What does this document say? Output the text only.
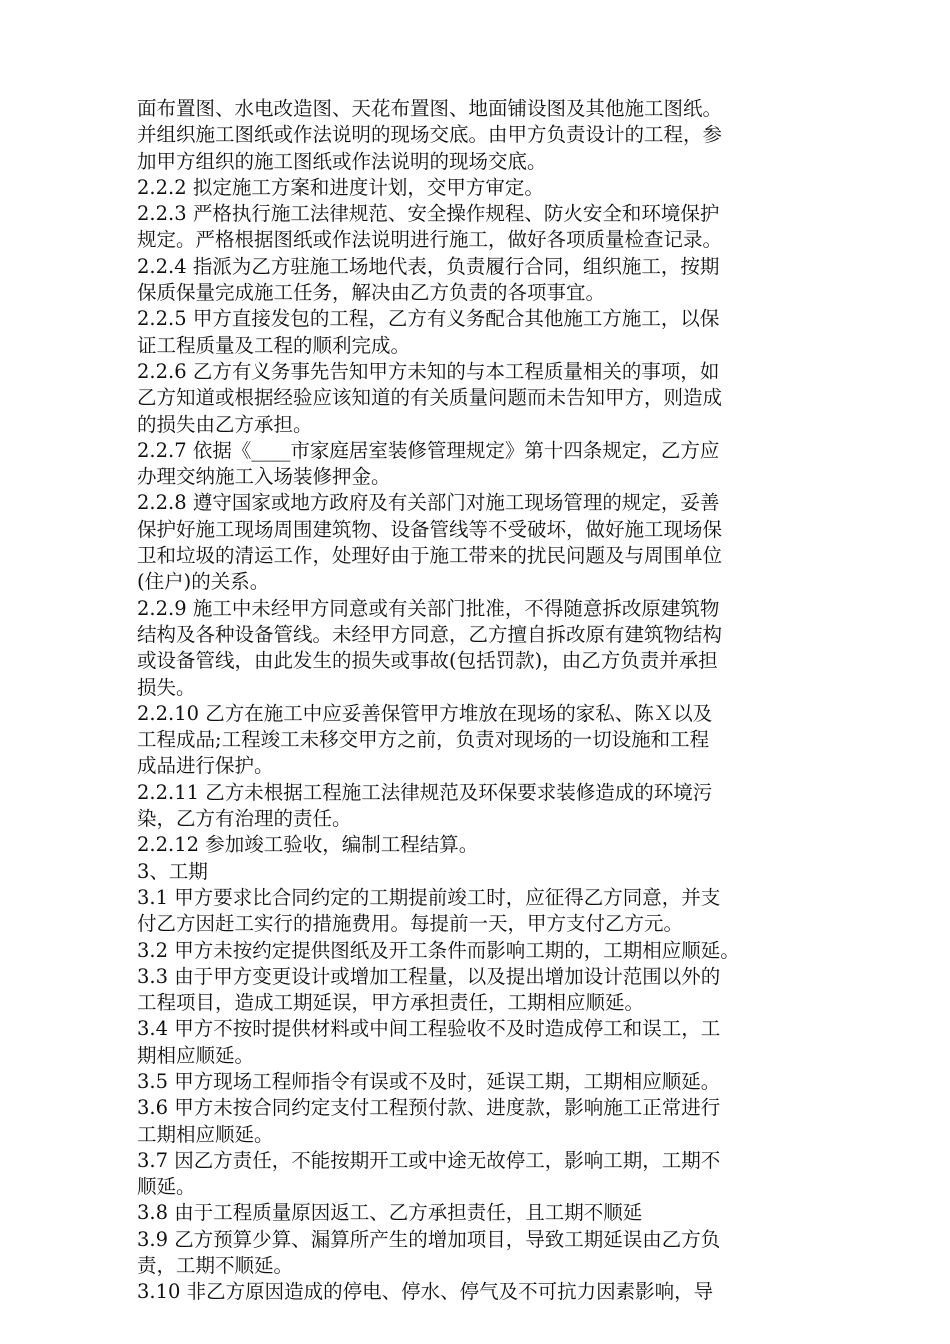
面布置图、水电改造图、天花布置图、地面铺设图及其他施工图纸。
并组织施工图纸或作法说明的现场交底。由甲方负责设计的工程，参
加甲方组织的施工图纸或作法说明的现场交底。
2.2.2 拟定施工方案和进度计划，交甲方审定。
2.2.3 严格执行施工法律规范、安全操作规程、防火安全和环境保护
规定。严格根据图纸或作法说明进行施工，做好各项质量检查记录。
2.2.4 指派为乙方驻施工场地代表，负责履行合同，组织施工，按期
保质保量完成施工任务，解决由乙方负责的各项事宜。
2.2.5 甲方直接发包的工程，乙方有义务配合其他施工方施工，以保
证工程质量及工程的顺利完成。
2.2.6 乙方有义务事先告知甲方未知的与本工程质量相关的事项，如
乙方知道或根据经验应该知道的有关质量问题而未告知甲方，则造成
的损失由乙方承担。
2.2.7 依据《____市家庭居室装修管理规定》第十四条规定，乙方应
办理交纳施工入场装修押金。
2.2.8 遵守国家或地方政府及有关部门对施工现场管理的规定，妥善
保护好施工现场周围建筑物、设备管线等不受破坏，做好施工现场保
卫和垃圾的清运工作，处理好由于施工带来的扰民问题及与周围单位
(住户)的关系。
2.2.9 施工中未经甲方同意或有关部门批准，不得随意拆改原建筑物
结构及各种设备管线。未经甲方同意，乙方擅自拆改原有建筑物结构
或设备管线，由此发生的损失或事故(包括罚款)，由乙方负责并承担
损失。
2.2.10 乙方在施工中应妥善保管甲方堆放在现场的家私、陈Ｘ以及
工程成品;工程竣工未移交甲方之前，负责对现场的一切设施和工程
成品进行保护。
2.2.11 乙方未根据工程施工法律规范及环保要求装修造成的环境污
染，乙方有治理的责任。
2.2.12 参加竣工验收，编制工程结算。
3、工期
3.1 甲方要求比合同约定的工期提前竣工时，应征得乙方同意，并支
付乙方因赶工实行的措施费用。每提前一天，甲方支付乙方元。
3.2 甲方未按约定提供图纸及开工条件而影响工期的，工期相应顺延。
3.3 由于甲方变更设计或增加工程量，以及提出增加设计范围以外的
工程项目，造成工期延误，甲方承担责任，工期相应顺延。
3.4 甲方不按时提供材料或中间工程验收不及时造成停工和误工，工
期相应顺延。
3.5 甲方现场工程师指令有误或不及时，延误工期，工期相应顺延。
3.6 甲方未按合同约定支付工程预付款、进度款，影响施工正常进行
工期相应顺延。
3.7 因乙方责任，不能按期开工或中途无故停工，影响工期，工期不
顺延。
3.8 由于工程质量原因返工、乙方承担责任，且工期不顺延
3.9 乙方预算少算、漏算所产生的增加项目，导致工期延误由乙方负
责，工期不顺延。
3.10 非乙方原因造成的停电、停水、停气及不可抗力因素影响，导
